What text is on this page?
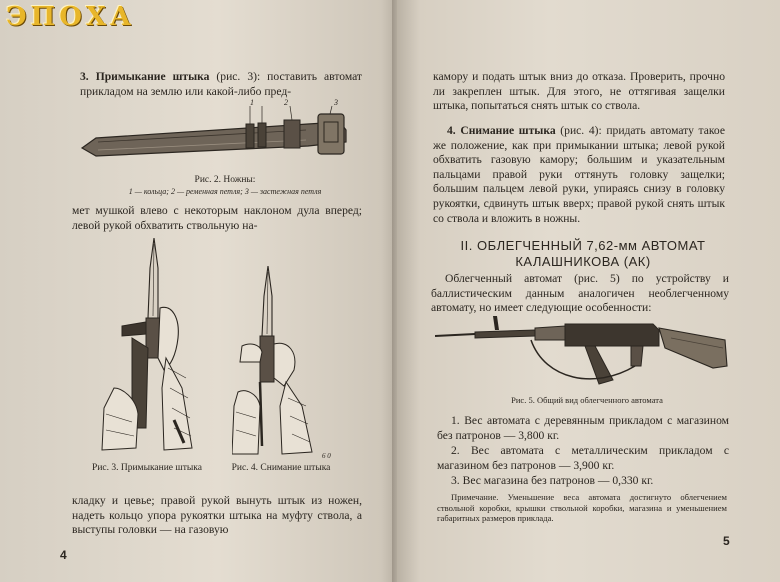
3. Примыкание штыка (рис. 3): поставить автомат прикладом на землю или какой-либо пред-

1	2	3
Рис. 2. Ножны:
1 — кольца; 2 — ременная петля; 3 — застежная петля

мет мушкой влево с некоторым наклоном дула вперед; левой рукой обхватить ствольную на-

Рис. 3. Примыкание штыка	Рис. 4. Снимание штыка
6 0

кладку и цевье; правой рукой вынуть штык из ножен, надеть кольцо упора рукоятки штыка на муфту ствола, а выступы головки — на газовую

4

камору и подать штык вниз до отказа. Проверить, прочно ли закреплен штык. Для этого, не оттягивая защелки штыка, попытаться снять штык со ствола.

4. Снимание штыка (рис. 4): придать автомату такое же положение, как при примыкании штыка; левой рукой обхватить газовую камору; большим и указательным пальцами правой руки оттянуть головку защелки; большим пальцем левой руки, упираясь снизу в головку рукоятки, сдвинуть штык вверх; правой рукой снять штык со ствола и вложить в ножны.

II. ОБЛЕГЧЕННЫЙ 7,62-мм АВТОМАТ
КАЛАШНИКОВА (АК)

Облегченный автомат (рис. 5) по устройству и баллистическим данным аналогичен необлегченному автомату, но имеет следующие особенности:

Рис. 5. Общий вид облегченного автомата

1. Вес автомата с деревянным прикладом с магазином без патронов — 3,800 кг.

2. Вес автомата с металлическим прикладом с магазином без патронов — 3,900 кг.

3. Вес магазина без патронов — 0,330 кг.

Примечание. Уменьшение веса автомата достигнуто облегчением ствольной коробки, крышки ствольной коробки, магазина и уменьшением габаритных размеров приклада.

5
ЭПОХА
